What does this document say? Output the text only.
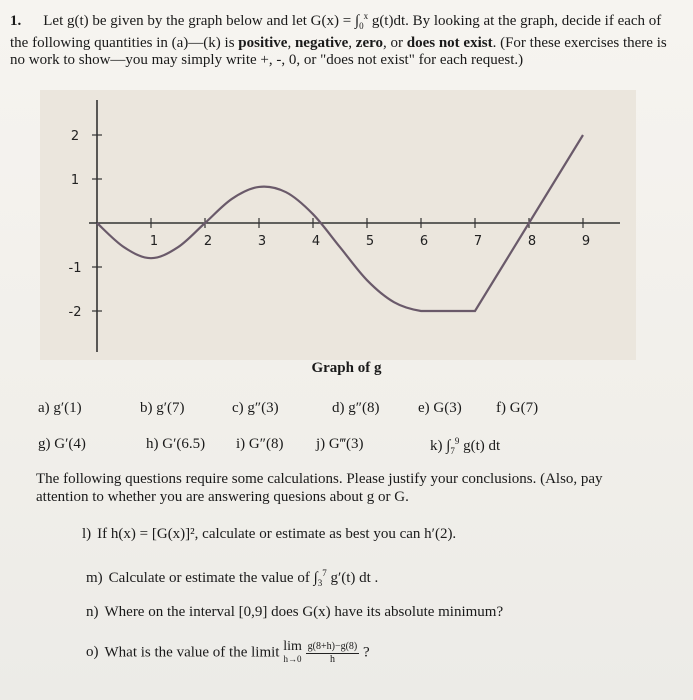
1. Let g(t) be given by the graph below and let $G(x) = \int_0^x$ g(t)dt. By looking at the graph, decide if each of the following quantities in (a)—(k) is positive, negative, zero, or does not exist. (For these exercises there is no work to show—you may simply write +, -, 0, or "does not exist" for each request.)
2
1
-1
-2
1	2	3	4	5	6	7	8	9
Graph of g
a) g′(1)	b) g′(7)	c) g″(3)	d) g″(8)	e) G(3) f) G(7)
g) G′(4)	h) G′(6.5) i) G″(8) j) G‴(3)	k) $\int_7^9$ g(t) dt
The following questions require some calculations. Please justify your conclusions. (Also, pay attention to whether you are answering quesions about g or G.
l) If h(x) = [G(x)]², calculate or estimate as best you can h′(2).
m) Calculate or estimate the value of $\int_3^7$ g′(t) dt .
n) Where on the interval [0,9] does G(x) have its absolute minimum?
o) What is the value of the limit lim
h→0
$\frac{g(8+h)-g(8)}{h}$ ?
